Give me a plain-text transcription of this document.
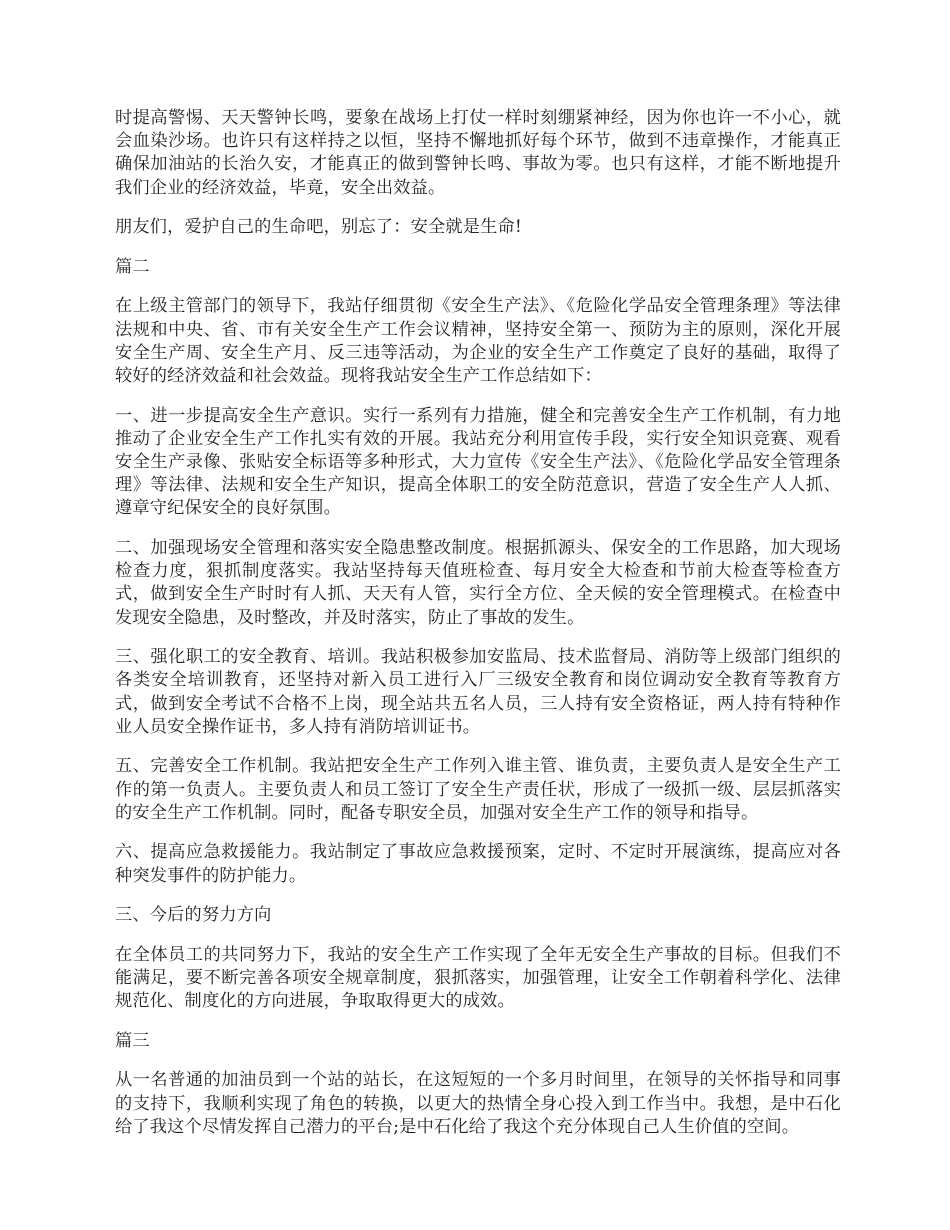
时提高警惕、天天警钟长鸣，要象在战场上打仗一样时刻绷紧神经，因为你也许一不小心，就会血染沙场。也许只有这样持之以恒，坚持不懈地抓好每个环节，做到不违章操作，才能真正确保加油站的长治久安，才能真正的做到警钟长鸣、事故为零。也只有这样，才能不断地提升我们企业的经济效益，毕竟，安全出效益。

朋友们，爱护自己的生命吧，别忘了：安全就是生命!

篇二

在上级主管部门的领导下，我站仔细贯彻《安全生产法》、《危险化学品安全管理条理》等法律法规和中央、省、市有关安全生产工作会议精神，坚持安全第一、预防为主的原则，深化开展安全生产周、安全生产月、反三违等活动，为企业的安全生产工作奠定了良好的基础，取得了较好的经济效益和社会效益。现将我站安全生产工作总结如下：

一、进一步提高安全生产意识。实行一系列有力措施，健全和完善安全生产工作机制，有力地推动了企业安全生产工作扎实有效的开展。我站充分利用宣传手段，实行安全知识竞赛、观看安全生产录像、张贴安全标语等多种形式，大力宣传《安全生产法》、《危险化学品安全管理条理》等法律、法规和安全生产知识，提高全体职工的安全防范意识，营造了安全生产人人抓、遵章守纪保安全的良好氛围。

二、加强现场安全管理和落实安全隐患整改制度。根据抓源头、保安全的工作思路，加大现场检查力度，狠抓制度落实。我站坚持每天值班检查、每月安全大检查和节前大检查等检查方式，做到安全生产时时有人抓、天天有人管，实行全方位、全天候的安全管理模式。在检查中发现安全隐患，及时整改，并及时落实，防止了事故的发生。

三、强化职工的安全教育、培训。我站积极参加安监局、技术监督局、消防等上级部门组织的各类安全培训教育，还坚持对新入员工进行入厂三级安全教育和岗位调动安全教育等教育方式，做到安全考试不合格不上岗，现全站共五名人员，三人持有安全资格证，两人持有特种作业人员安全操作证书，多人持有消防培训证书。

五、完善安全工作机制。我站把安全生产工作列入谁主管、谁负责，主要负责人是安全生产工作的第一负责人。主要负责人和员工签订了安全生产责任状，形成了一级抓一级、层层抓落实的安全生产工作机制。同时，配备专职安全员，加强对安全生产工作的领导和指导。

六、提高应急救援能力。我站制定了事故应急救援预案，定时、不定时开展演练，提高应对各种突发事件的防护能力。

三、今后的努力方向

在全体员工的共同努力下，我站的安全生产工作实现了全年无安全生产事故的目标。但我们不能满足，要不断完善各项安全规章制度，狠抓落实，加强管理，让安全工作朝着科学化、法律规范化、制度化的方向进展，争取取得更大的成效。

篇三

从一名普通的加油员到一个站的站长，在这短短的一个多月时间里，在领导的关怀指导和同事的支持下，我顺利实现了角色的转换，以更大的热情全身心投入到工作当中。我想，是中石化给了我这个尽情发挥自己潜力的平台;是中石化给了我这个充分体现自己人生价值的空间。
